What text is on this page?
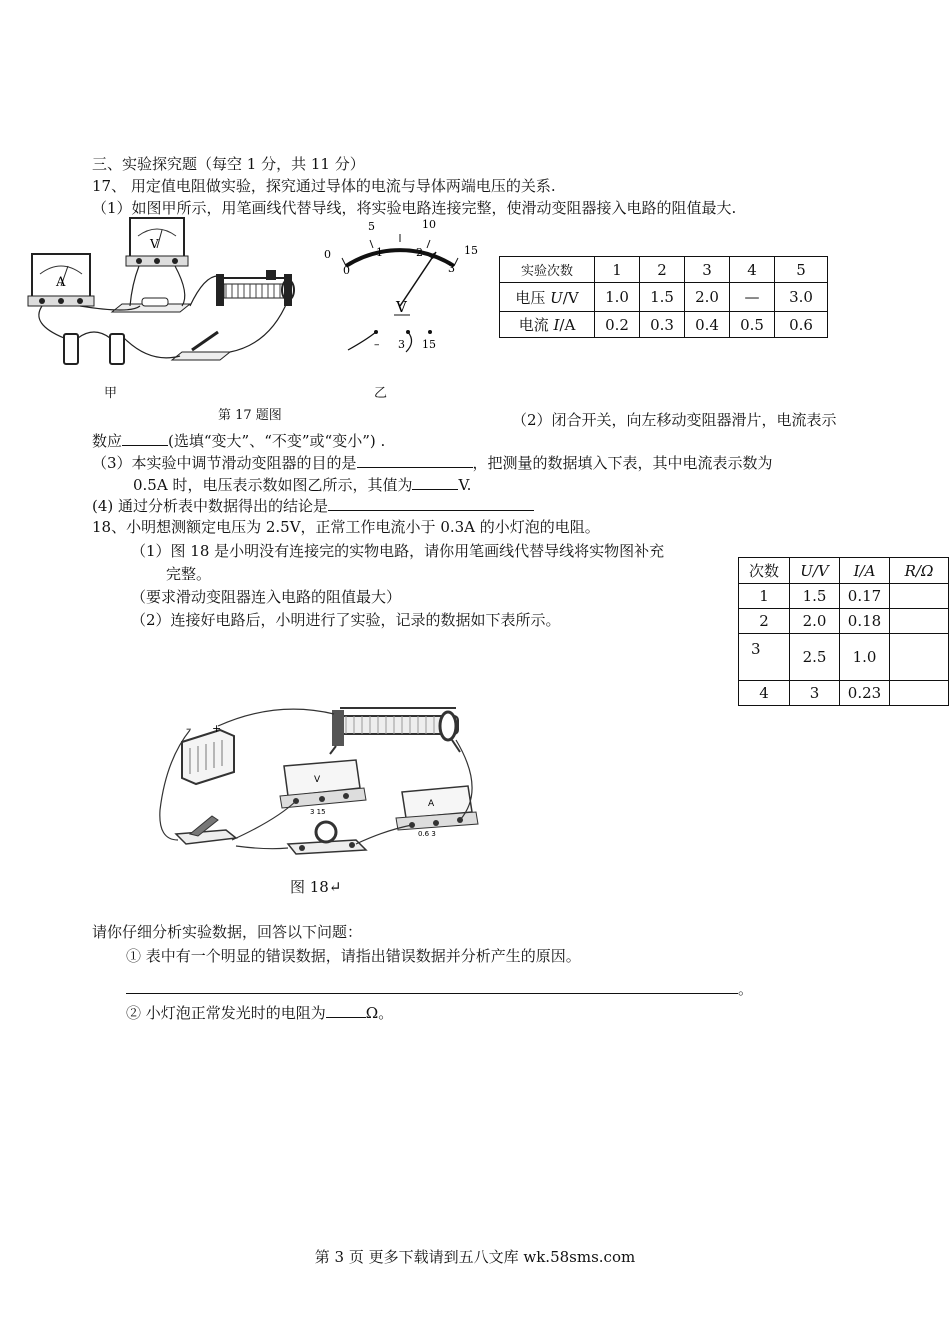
三、实验探究题（每空 1 分，共 11 分）
17、 用定值电阻做实验，探究通过导体的电流与导体两端电压的关系.
（1）如图甲所示，用笔画线代替导线，将实验电路连接完整，使滑动变阻器接入电路的阻值最大.
A
V
甲
第 17 题图
0
5	10
15
0
1	2
3
V
– 3 15
乙
实验次数	1	2	3	4	5
电压 U/V	1.0	1.5	2.0	—	3.0
电流 I/A	0.2	0.3	0.4	0.5	0.6
（2）闭合开关，向左移动变阻器滑片，电流表示
数应	(选填“变大”、“不变”或“变小”) .
（3）本实验中调节滑动变阻器的目的是	，把测量的数据填入下表，其中电流表示数为
0.5A 时，电压表示数如图乙所示，其值为	V.
(4) 通过分析表中数据得出的结论是
18、小明想测额定电压为 2.5V，正常工作电流小于 0.3A 的小灯泡的电阻。
（1）图 18 是小明没有连接完的实物电路，请你用笔画线代替导线将实物图补充
完整。
（要求滑动变阻器连入电路的阻值最大）
（2）连接好电路后，小明进行了实验，记录的数据如下表所示。
次数	U/V	I/A	R/Ω
1	1.5	0.17	
2	2.0	0.18	
3	2.5	1.0	
4	3	0.23	
– +
V
3 15
A
0.6 3
图 18↵
请你仔细分析实验数据，回答以下问题：
① 表中有一个明显的错误数据，请指出错误数据并分析产生的原因。
。
② 小灯泡正常发光时的电阻为	Ω。
第 3 页 更多下载请到五八文库 wk.58sms.com
